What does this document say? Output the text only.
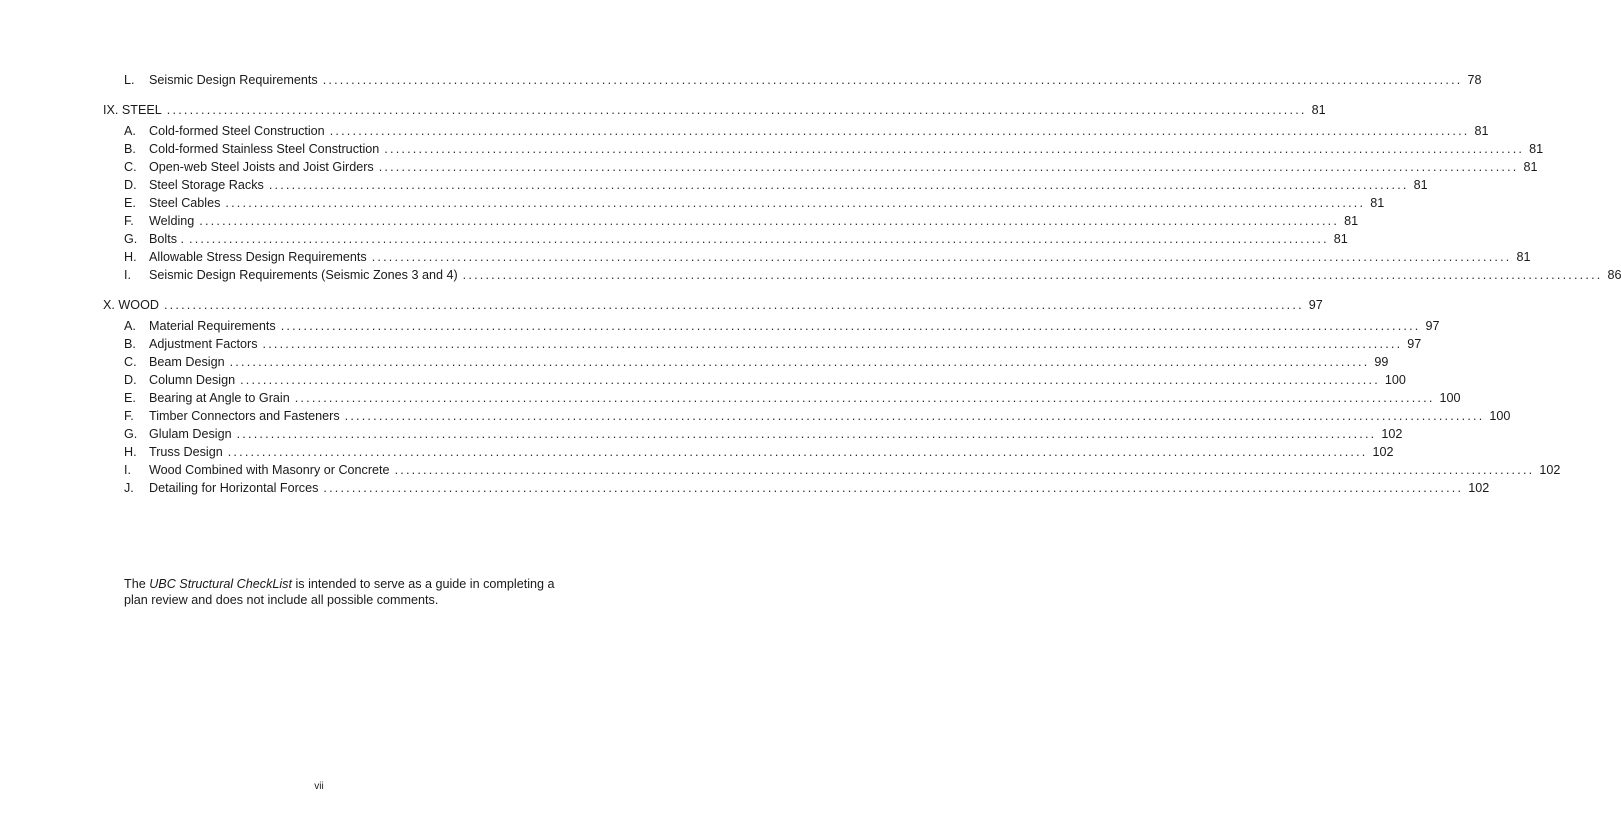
L.	Seismic Design Requirements ........................................................................................................................................................................................................ 78
IX. STEEL ........................................................................................................................................................................................................ 81
A.	Cold-formed Steel Construction ........................................................................................................................................................................................................ 81
B.	Cold-formed Stainless Steel Construction ........................................................................................................................................................................................................ 81
C. Open-web Steel Joists and Joist Girders ........................................................................................................................................................................................................ 81
D. Steel Storage Racks ........................................................................................................................................................................................................ 81
E.	Steel Cables ........................................................................................................................................................................................................ 81
F.	Welding ........................................................................................................................................................................................................ 81
G. Bolts . ........................................................................................................................................................................................................ 81
H. Allowable Stress Design Requirements ........................................................................................................................................................................................................ 81
I.	Seismic Design Requirements (Seismic Zones 3 and 4) ........................................................................................................................................................................................................ 86
X. WOOD ........................................................................................................................................................................................................ 97
A.	Material Requirements ........................................................................................................................................................................................................ 97
B.	Adjustment Factors ........................................................................................................................................................................................................ 97
C. Beam Design ........................................................................................................................................................................................................ 99
D. Column Design ........................................................................................................................................................................................................ 100
E.	Bearing at Angle to Grain ........................................................................................................................................................................................................ 100
F.	Timber Connectors and Fasteners ........................................................................................................................................................................................................ 100
G. Glulam Design ........................................................................................................................................................................................................ 102
H. Truss Design ........................................................................................................................................................................................................ 102
I.	Wood Combined with Masonry or Concrete ........................................................................................................................................................................................................ 102
J.	Detailing for Horizontal Forces ........................................................................................................................................................................................................ 102
The UBC Structural CheckList is intended to serve as a guide in completing a
plan review and does not include all possible comments.
vii
